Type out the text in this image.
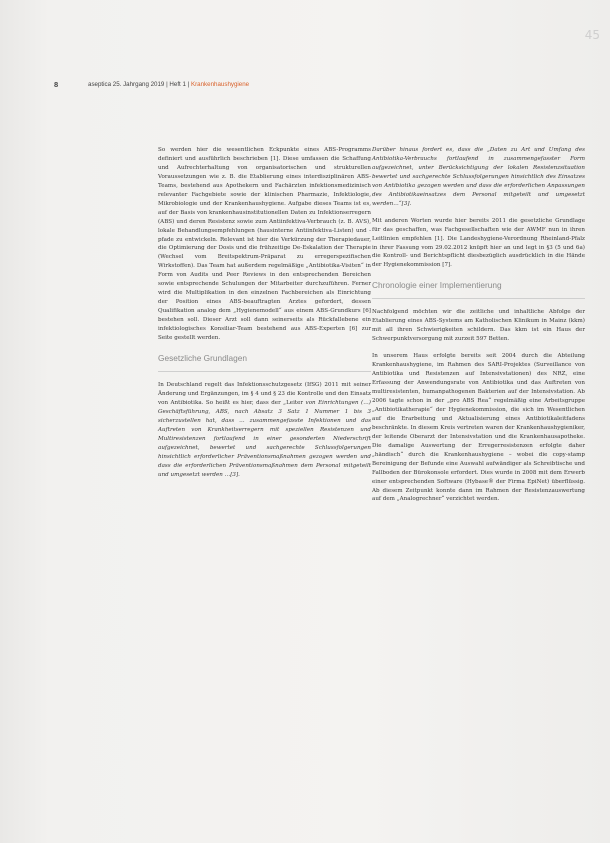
45
8	aseptica 25. Jahrgang 2019 | Heft 1 | Krankenhaushygiene

So werden hier die wesentlichen Eckpunkte eines ABS-Programms definiert und ausführlich beschrieben [1]. Diese umfassen die Schaffung und Aufrechterhaltung von organisatorischen und strukturellen Voraussetzungen wie z. B. die Etablierung eines interdisziplinären ABS-Teams, bestehend aus Apothekern und Fachärzten infektionsmedizinisch relevanter Fachgebiete sowie der klinischen Pharmazie, Infektiologie, Mikrobiologie und der Krankenhaushygiene. Aufgabe dieses Teams ist es, auf der Basis von krankenhausinstitutionellen Daten zu Infektionserregern (ABS) und deren Resistenz sowie zum Antiinfektiva-Verbrauch (z. B. AVS), lokale Behandlungsempfehlungen (hausinterne Antiinfektiva-Listen) und -pfade zu entwickeln. Relevant ist hier die Verkürzung der Therapiedauer, die Optimierung der Dosis und die frühzeitige De-Eskalation der Therapie (Wechsel vom Breitspektrum-Präparat zu erregerspezifischen Wirkstoffen). Das Team hat außerdem regelmäßige „Antibiotika-Visiten“ in Form von Audits und Peer Reviews in den entsprechenden Bereichen sowie entsprechende Schulungen der Mitarbeiter durchzuführen. Ferner wird die Multiplikation in den einzelnen Fachbereichen als Einrichtung der Position eines ABS-beauftragten Arztes gefordert, dessen Qualifikation analog dem „Hygienemodell“ aus einem ABS-Grundkurs [6] bestehen soll. Dieser Arzt soll dann seinerseits als Rückfallebene ein infektiologisches Konsiliar-Team bestehend aus ABS-Experten [6] zur Seite gestellt werden.

Gesetzliche Grundlagen

In Deutschland regelt das Infektionsschutzgesetz (IfSG) 2011 mit seiner Änderung und Ergänzungen, im § 4 und § 23 die Kontrolle und den Einsatz von Antibiotika. So heißt es hier, dass der „Leiter von Einrichtungen (…) Geschäftsführung, ABS, nach Absatz 3 Satz 1 Nummer 1 bis 3 sicherzustellen hat, dass … zusammengefasste Infektionen und das Auftreten von Krankheitserregern mit speziellen Resistenzen und Multiresistenzen fortlaufend in einer gesonderten Niederschrift aufgezeichnet, bewertet und sachgerechte Schlussfolgerungen hinsichtlich erforderlicher Präventionsmaßnahmen gezogen werden und dass die erforderlichen Präventionsmaßnahmen dem Personal mitgeteilt und umgesetzt werden …[3].

Darüber hinaus fordert es, dass die „Daten zu Art und Umfang des Antibiotika-Verbrauchs fortlaufend in zusammengefasster Form aufgezeichnet, unter Berücksichtigung der lokalen Resistenzsituation bewertet und sachgerechte Schlussfolgerungen hinsichtlich des Einsatzes von Antibiotika gezogen werden und dass die erforderlichen Anpassungen des Antibiotikaeinsatzes dem Personal mitgeteilt und umgesetzt werden…“[3].

Mit anderen Worten wurde hier bereits 2011 die gesetzliche Grundlage für das geschaffen, was Fachgesellschaften wie der AWMF nun in ihren Leitlinien empfehlen [1]. Die Landeshygiene-Verordnung Rheinland-Pfalz in ihrer Fassung vom 29.02.2012 knüpft hier an und legt in §3 (5 und 6a) die Kontroll- und Berichtspflicht diesbezüglich ausdrücklich in die Hände der Hygienekommission [7].

Chronologie einer Implementierung

Nachfolgend möchten wir die zeitliche und inhaltliche Abfolge der Etablierung eines ABS-Systems am Katholischen Klinikum in Mainz (kkm) mit all ihren Schwierigkeiten schildern. Das kkm ist ein Haus der Schwerpunktversorgung mit zurzeit 597 Betten.

In unserem Haus erfolgte bereits seit 2004 durch die Abteilung Krankenhaushygiene, im Rahmen des SARI-Projektes (Surveillance von Antibiotika und Resistenzen auf Intensivstationen) des NRZ, eine Erfassung der Anwendungsrate von Antibiotika und das Auftreten von multiresistenten, humanpathogenen Bakterien auf der Intensivstation. Ab 2006 tagte schon in der „pro ABS Rea“ regelmäßig eine Arbeitsgruppe „Antibiotikatherapie“ der Hygienekommission, die sich im Wesentlichen auf die Erarbeitung und Aktualisierung eines Antibiotikaleitfadens beschränkte. In diesem Kreis vertreten waren der Krankenhaushygieniker, der leitende Oberarzt der Intensivstation und die Krankenhausapotheke. Die damalige Auswertung der Erregerresistenzen erfolgte daher „händisch“ durch die Krankenhaushygiene – wobei die copy-stamp Bereinigung der Befunde eine Auswahl aufwändiger als Schreibtische und Fallboden der Bürokonsole erfordert. Dies wurde in 2008 mit dem Erwerb einer entsprechenden Software (Hybase® der Firma EpiNet) überflüssig. Ab diesem Zeitpunkt konnte dann im Rahmen der Resistenzauswertung auf dem „Analogrechner“ verzichtet werden.
